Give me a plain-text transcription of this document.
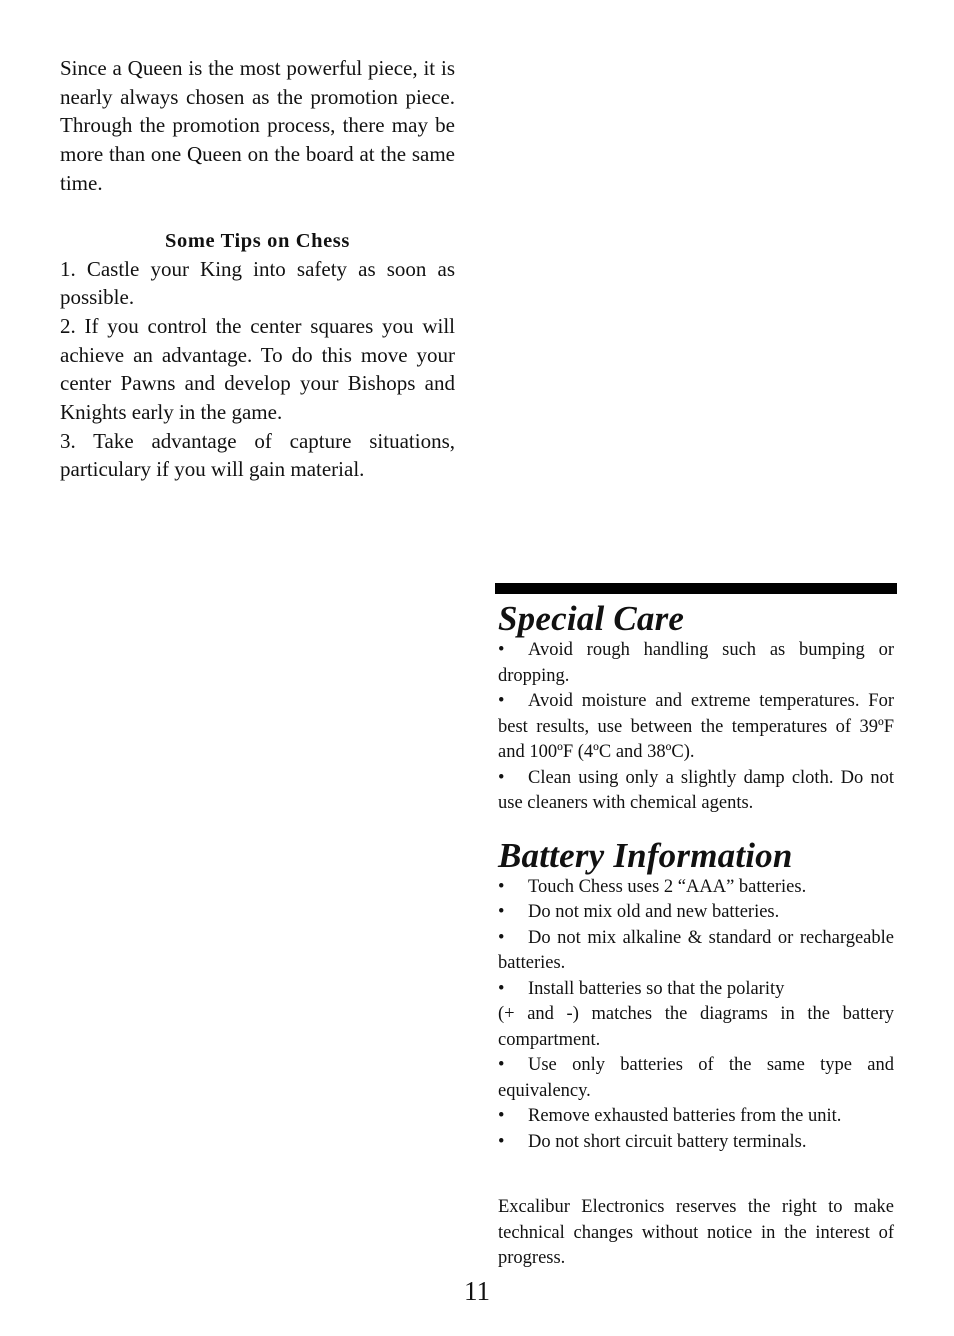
Since a Queen is the most powerful piece, it is nearly always chosen as the promotion piece. Through the promotion process, there may be more than one Queen on the board at the same time.

Some Tips on Chess

1. Castle your King into safety as soon as possible.

2. If you control the center squares you will achieve an advantage. To do this move your center Pawns and develop your Bishops and Knights early in the game.

3. Take advantage of capture situations, particulary if you will gain material.

Special Care

• Avoid rough handling such as bumping or dropping.

• Avoid moisture and extreme temperatures. For best results, use between the temperatures of 39ºF and 100ºF (4ºC and 38ºC).

• Clean using only a slightly damp cloth. Do not use cleaners with chemical agents.

Battery Information

• Touch Chess uses 2 “AAA” batteries.

• Do not mix old and new batteries.

• Do not mix alkaline & standard or rechargeable batteries.

• Install batteries so that the polarity

(+ and -) matches the diagrams in the battery compartment.

• Use only batteries of the same type and equivalency.

• Remove exhausted batteries from the unit.

• Do not short circuit battery terminals.

Excalibur Electronics reserves the right to make technical changes without notice in the interest of progress.

11
